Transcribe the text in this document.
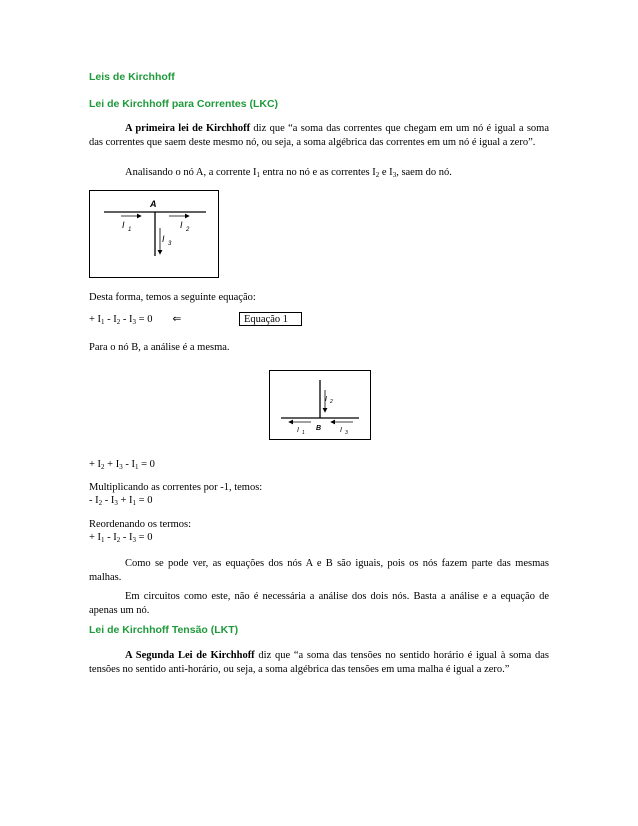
Leis de Kirchhoff
Lei de Kirchhoff para Correntes (LKC)

A primeira lei de Kirchhoff diz que “a soma das correntes que chegam em um nó é igual a soma das correntes que saem deste mesmo nó, ou seja, a soma algébrica das correntes em um nó é igual a zero”.

Analisando o nó A, a corrente $I_1$ entra no nó e as correntes $I_2$ e $I_3$, saem do nó.

A
I 1	I 2
I 3

Desta forma, temos a seguinte equação:

+ $I_1 - I_2 - I_3 = 0$ ⇐	Equação 1

Para o nó B, a análise é a mesma.

I 2
B
I 1	I 3

+ $I_2 + I_3 - I_1 = 0$

Multiplicando as correntes por -1, temos:

- $I_2 - I_3 + I_1 = 0$

Reordenando os termos:

+ $I_1 - I_2 - I_3 = 0$

Como se pode ver, as equações dos nós A e B são iguais, pois os nós fazem parte das mesmas malhas.

Em circuitos como este, não é necessária a análise dos dois nós. Basta a análise e a equação de apenas um nó.

Lei de Kirchhoff Tensão (LKT)

A Segunda Lei de Kirchhoff diz que “a soma das tensões no sentido horário é igual à soma das tensões no sentido anti-horário, ou seja, a soma algébrica das tensões em uma malha é igual a zero.”
